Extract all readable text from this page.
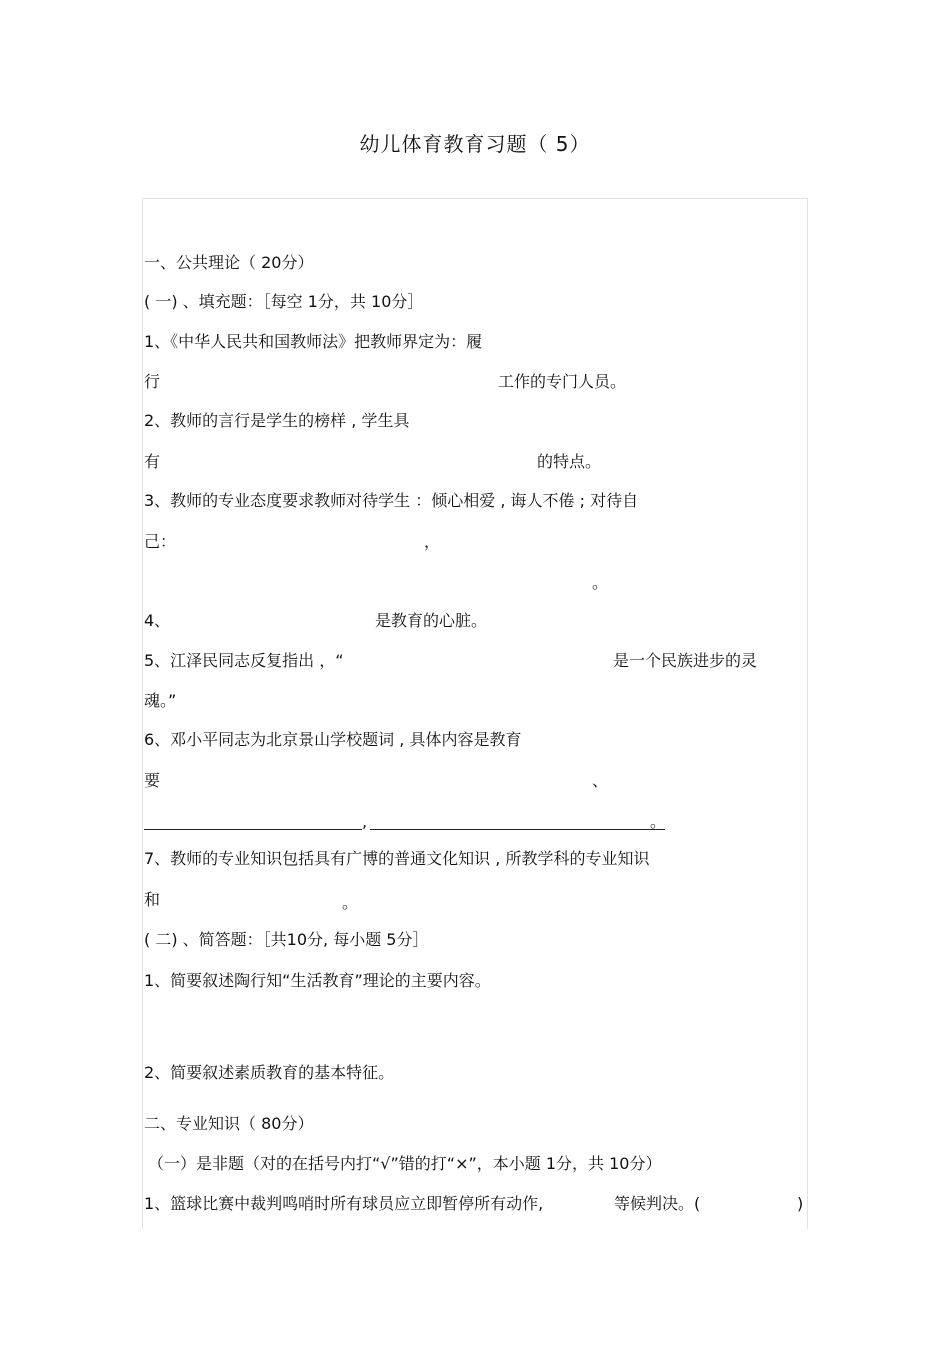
幼儿体育教育习题（ 5）
一、公共理论（ 20分）
( 一) 、填充题：［每空 1分，共 10分］
1、《中华人民共和国教师法》把教师界定为：履
行	工作的专门人员。
2、教师的言行是学生的榜样 , 学生具
有	的特点。
3、教师的专业态度要求教师对待学生 ：倾心相爱 , 诲人不倦 ; 对待自
己：	，
。
4、	是教育的心脏。
5、江泽民同志反复指出 ，“	是一个民族进步的灵
魂。”
6、邓小平同志为北京景山学校题词 , 具体内容是教育
要	、
,	。
7、教师的专业知识包括具有广博的普通文化知识 , 所教学科的专业知识
和	。
( 二) 、简答题：［共10分, 每小题 5分］
1、简要叙述陶行知“生活教育”理论的主要内容。
2、简要叙述素质教育的基本特征。
二、专业知识（ 80分）
（一）是非题（对的在括号内打“√”错的打“×”，本小题 1分，共 10分）
1、篮球比赛中裁判鸣哨时所有球员应立即暂停所有动作,	等候判决。(	)
